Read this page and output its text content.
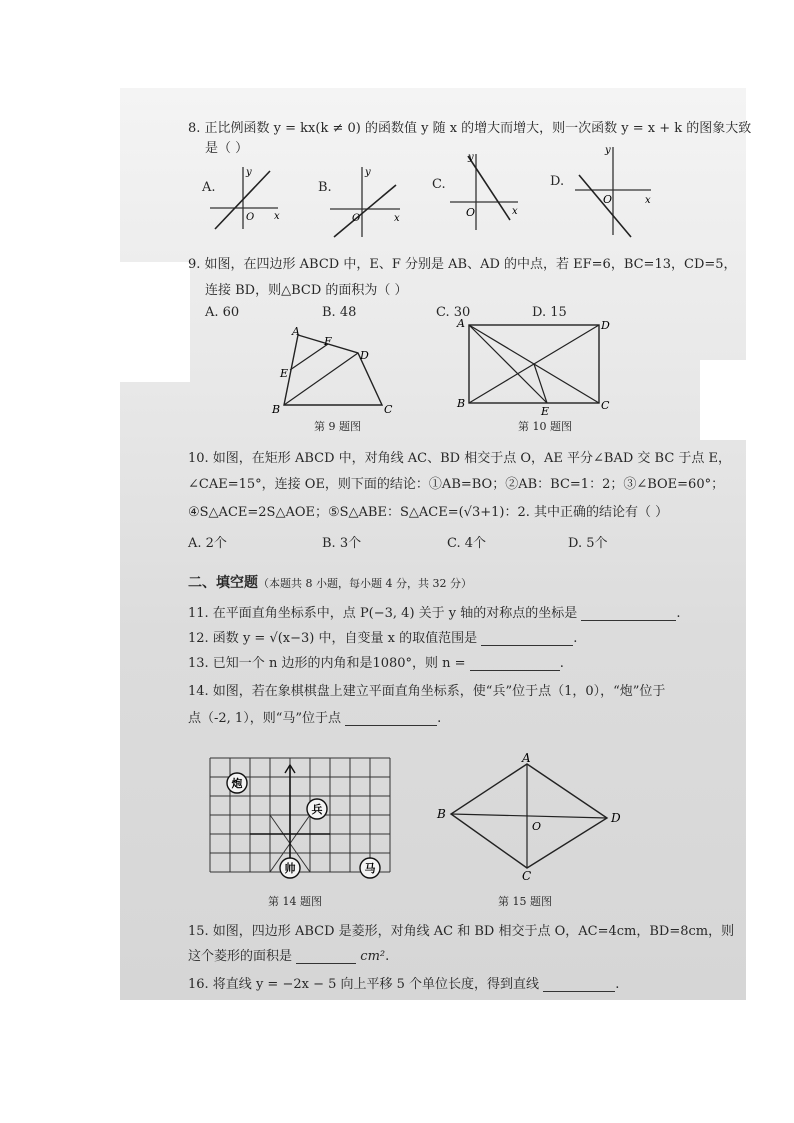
8. 正比例函数 y = kx(k ≠ 0) 的函数值 y 随 x 的增大而增大，则一次函数 y = x + k 的图象大致
是（ ）
A.	B.	C.	D.
y
x
O
y
x
O
y
x
O
y
x
O
9. 如图，在四边形 ABCD 中，E、F 分别是 AB、AD 的中点，若 EF=6，BC=13，CD=5，
连接 BD，则△BCD 的面积为（ ）
A. 60	B. 48	C. 30	D. 15
A
B	C
D
E
F
第 9 题图
A	D
B	C
E
第 10 题图
10. 如图，在矩形 ABCD 中，对角线 AC、BD 相交于点 O，AE 平分∠BAD 交 BC 于点 E，
∠CAE=15°，连接 OE，则下面的结论：①AB=BO；②AB：BC=1：2；③∠BOE=60°；
④S△ACE=2S△AOE；⑤S△ABE：S△ACE=(√3+1)：2. 其中正确的结论有（ ）
A. 2个	B. 3个	C. 4个	D. 5个
二、填空题（本题共 8 小题，每小题 4 分，共 32 分）
11. 在平面直角坐标系中，点 P(−3, 4) 关于 y 轴的对称点的坐标是	.
12. 函数 y = √(x−3) 中，自变量 x 的取值范围是	.
13. 已知一个 n 边形的内角和是1080°，则 n =	.
14. 如图，若在象棋棋盘上建立平面直角坐标系，使“兵”位于点（1，0），“炮”位于
点（-2, 1），则“马”位于点	.
炮
兵
帅	马
第 14 题图
A
B
C
D
O
第 15 题图
15. 如图，四边形 ABCD 是菱形，对角线 AC 和 BD 相交于点 O，AC=4cm，BD=8cm，则
这个菱形的面积是	cm².
16. 将直线 y = −2x − 5 向上平移 5 个单位长度，得到直线	.
